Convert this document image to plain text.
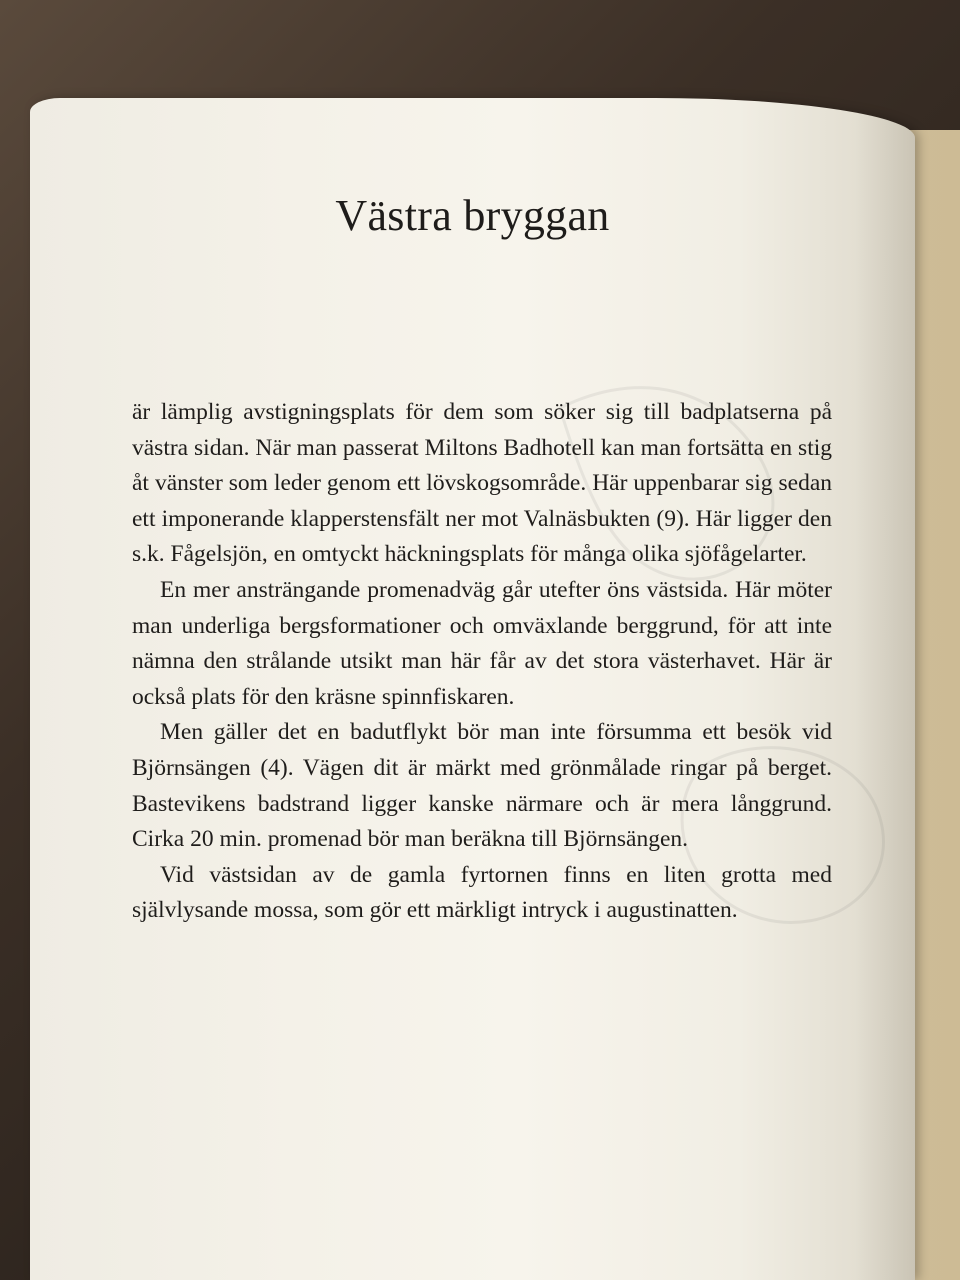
Västra bryggan

är lämplig avstigningsplats för dem som söker sig till badplatserna på västra sidan. När man passerat Miltons Badhotell kan man fortsätta en stig åt vänster som leder genom ett lövskogsområde. Här uppenbarar sig sedan ett imponerande klapperstensfält ner mot Valnäsbukten (9). Här ligger den s.k. Fågelsjön, en omtyckt häckningsplats för många olika sjöfågelarter.

En mer ansträngande promenadväg går utefter öns västsida. Här möter man underliga bergsformationer och omväxlande berggrund, för att inte nämna den strålande utsikt man här får av det stora västerhavet. Här är också plats för den kräsne spinnfiskaren.

Men gäller det en badutflykt bör man inte försumma ett besök vid Björnsängen (4). Vägen dit är märkt med grönmålade ringar på berget. Bastevikens badstrand ligger kanske närmare och är mera långgrund. Cirka 20 min. promenad bör man beräkna till Björnsängen.

Vid västsidan av de gamla fyrtornen finns en liten grotta med självlysande mossa, som gör ett märkligt intryck i augustinatten.
